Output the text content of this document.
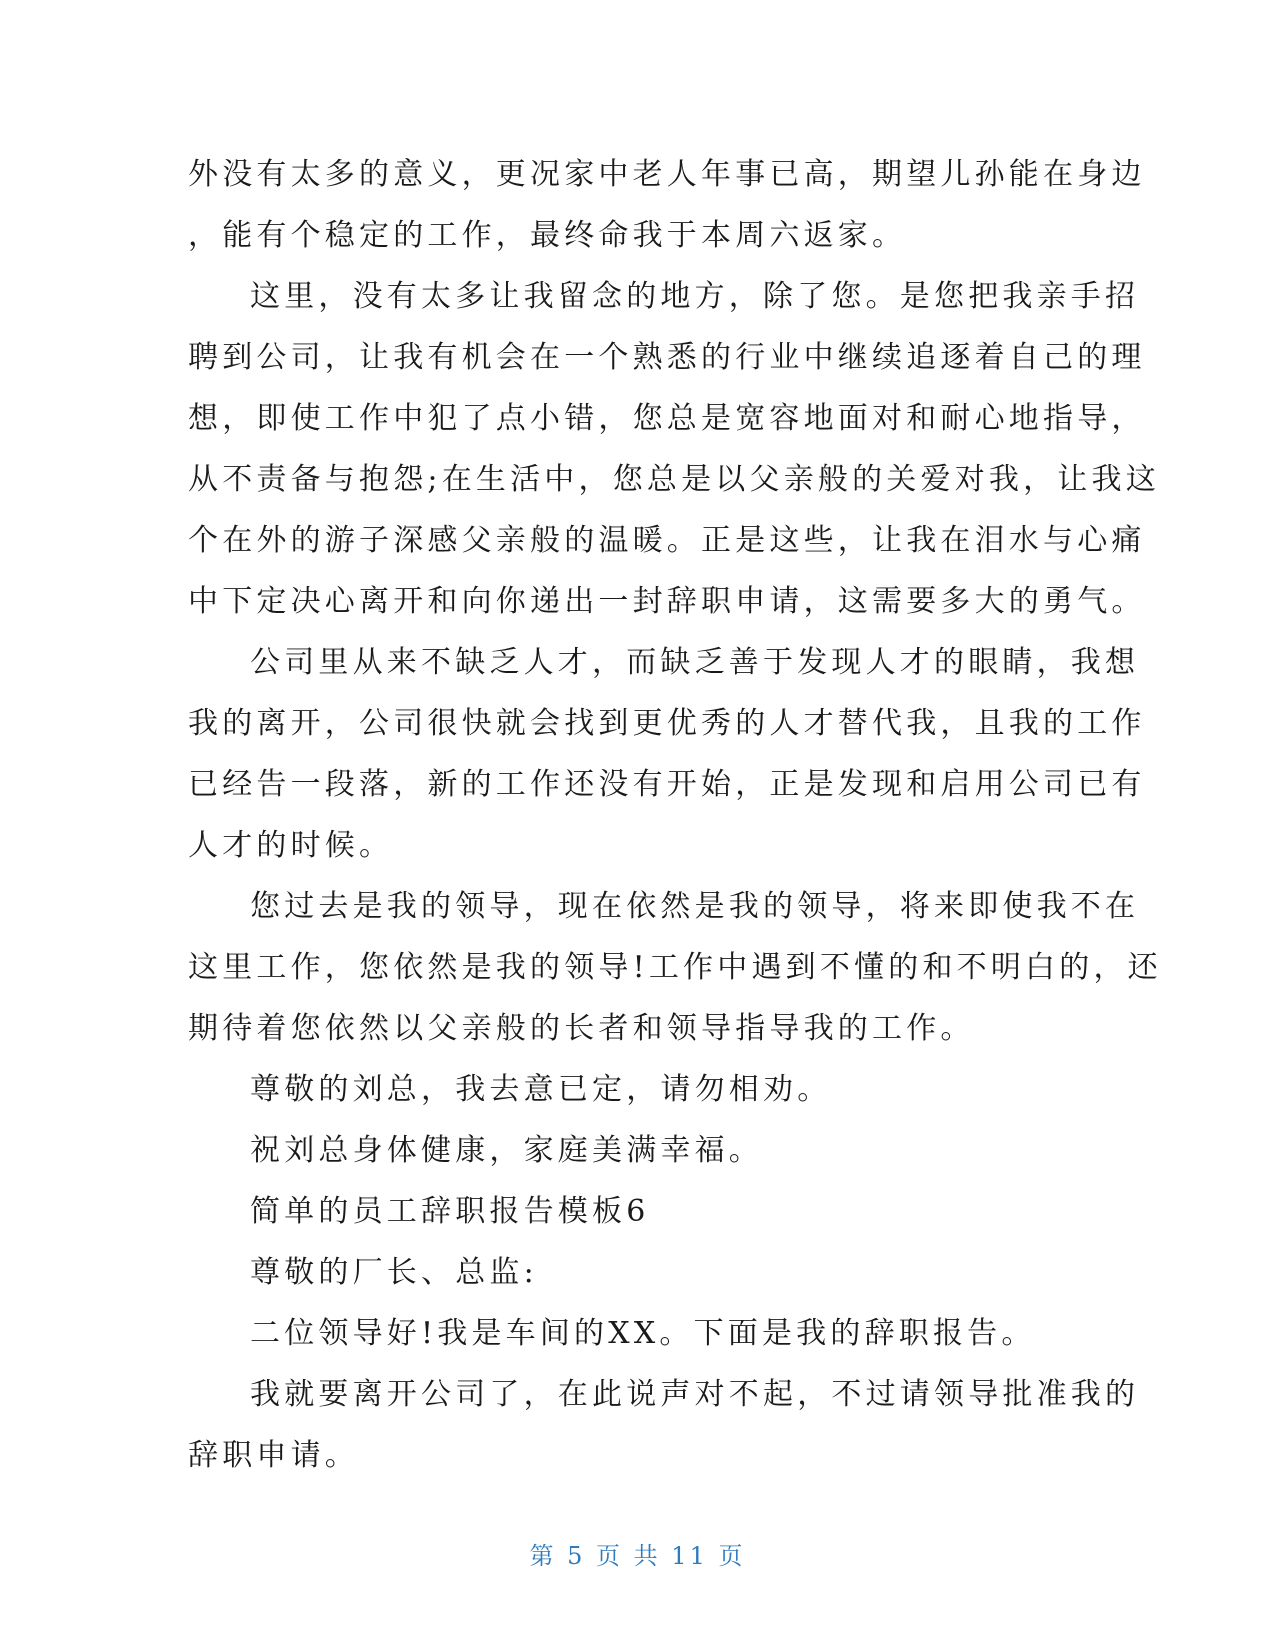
外没有太多的意义，更况家中老人年事已高，期望儿孙能在身边
，能有个稳定的工作，最终命我于本周六返家。
这里，没有太多让我留念的地方，除了您。是您把我亲手招
聘到公司，让我有机会在一个熟悉的行业中继续追逐着自己的理
想，即使工作中犯了点小错，您总是宽容地面对和耐心地指导，
从不责备与抱怨;在生活中，您总是以父亲般的关爱对我，让我这
个在外的游子深感父亲般的温暖。正是这些，让我在泪水与心痛
中下定决心离开和向你递出一封辞职申请，这需要多大的勇气。
公司里从来不缺乏人才，而缺乏善于发现人才的眼睛，我想
我的离开，公司很快就会找到更优秀的人才替代我，且我的工作
已经告一段落，新的工作还没有开始，正是发现和启用公司已有
人才的时候。
您过去是我的领导，现在依然是我的领导，将来即使我不在
这里工作，您依然是我的领导!工作中遇到不懂的和不明白的，还
期待着您依然以父亲般的长者和领导指导我的工作。
尊敬的刘总，我去意已定，请勿相劝。
祝刘总身体健康，家庭美满幸福。
简单的员工辞职报告模板6
尊敬的厂长、总监:
二位领导好!我是车间的XX。下面是我的辞职报告。
我就要离开公司了，在此说声对不起，不过请领导批准我的
辞职申请。
第 5 页 共 11 页
